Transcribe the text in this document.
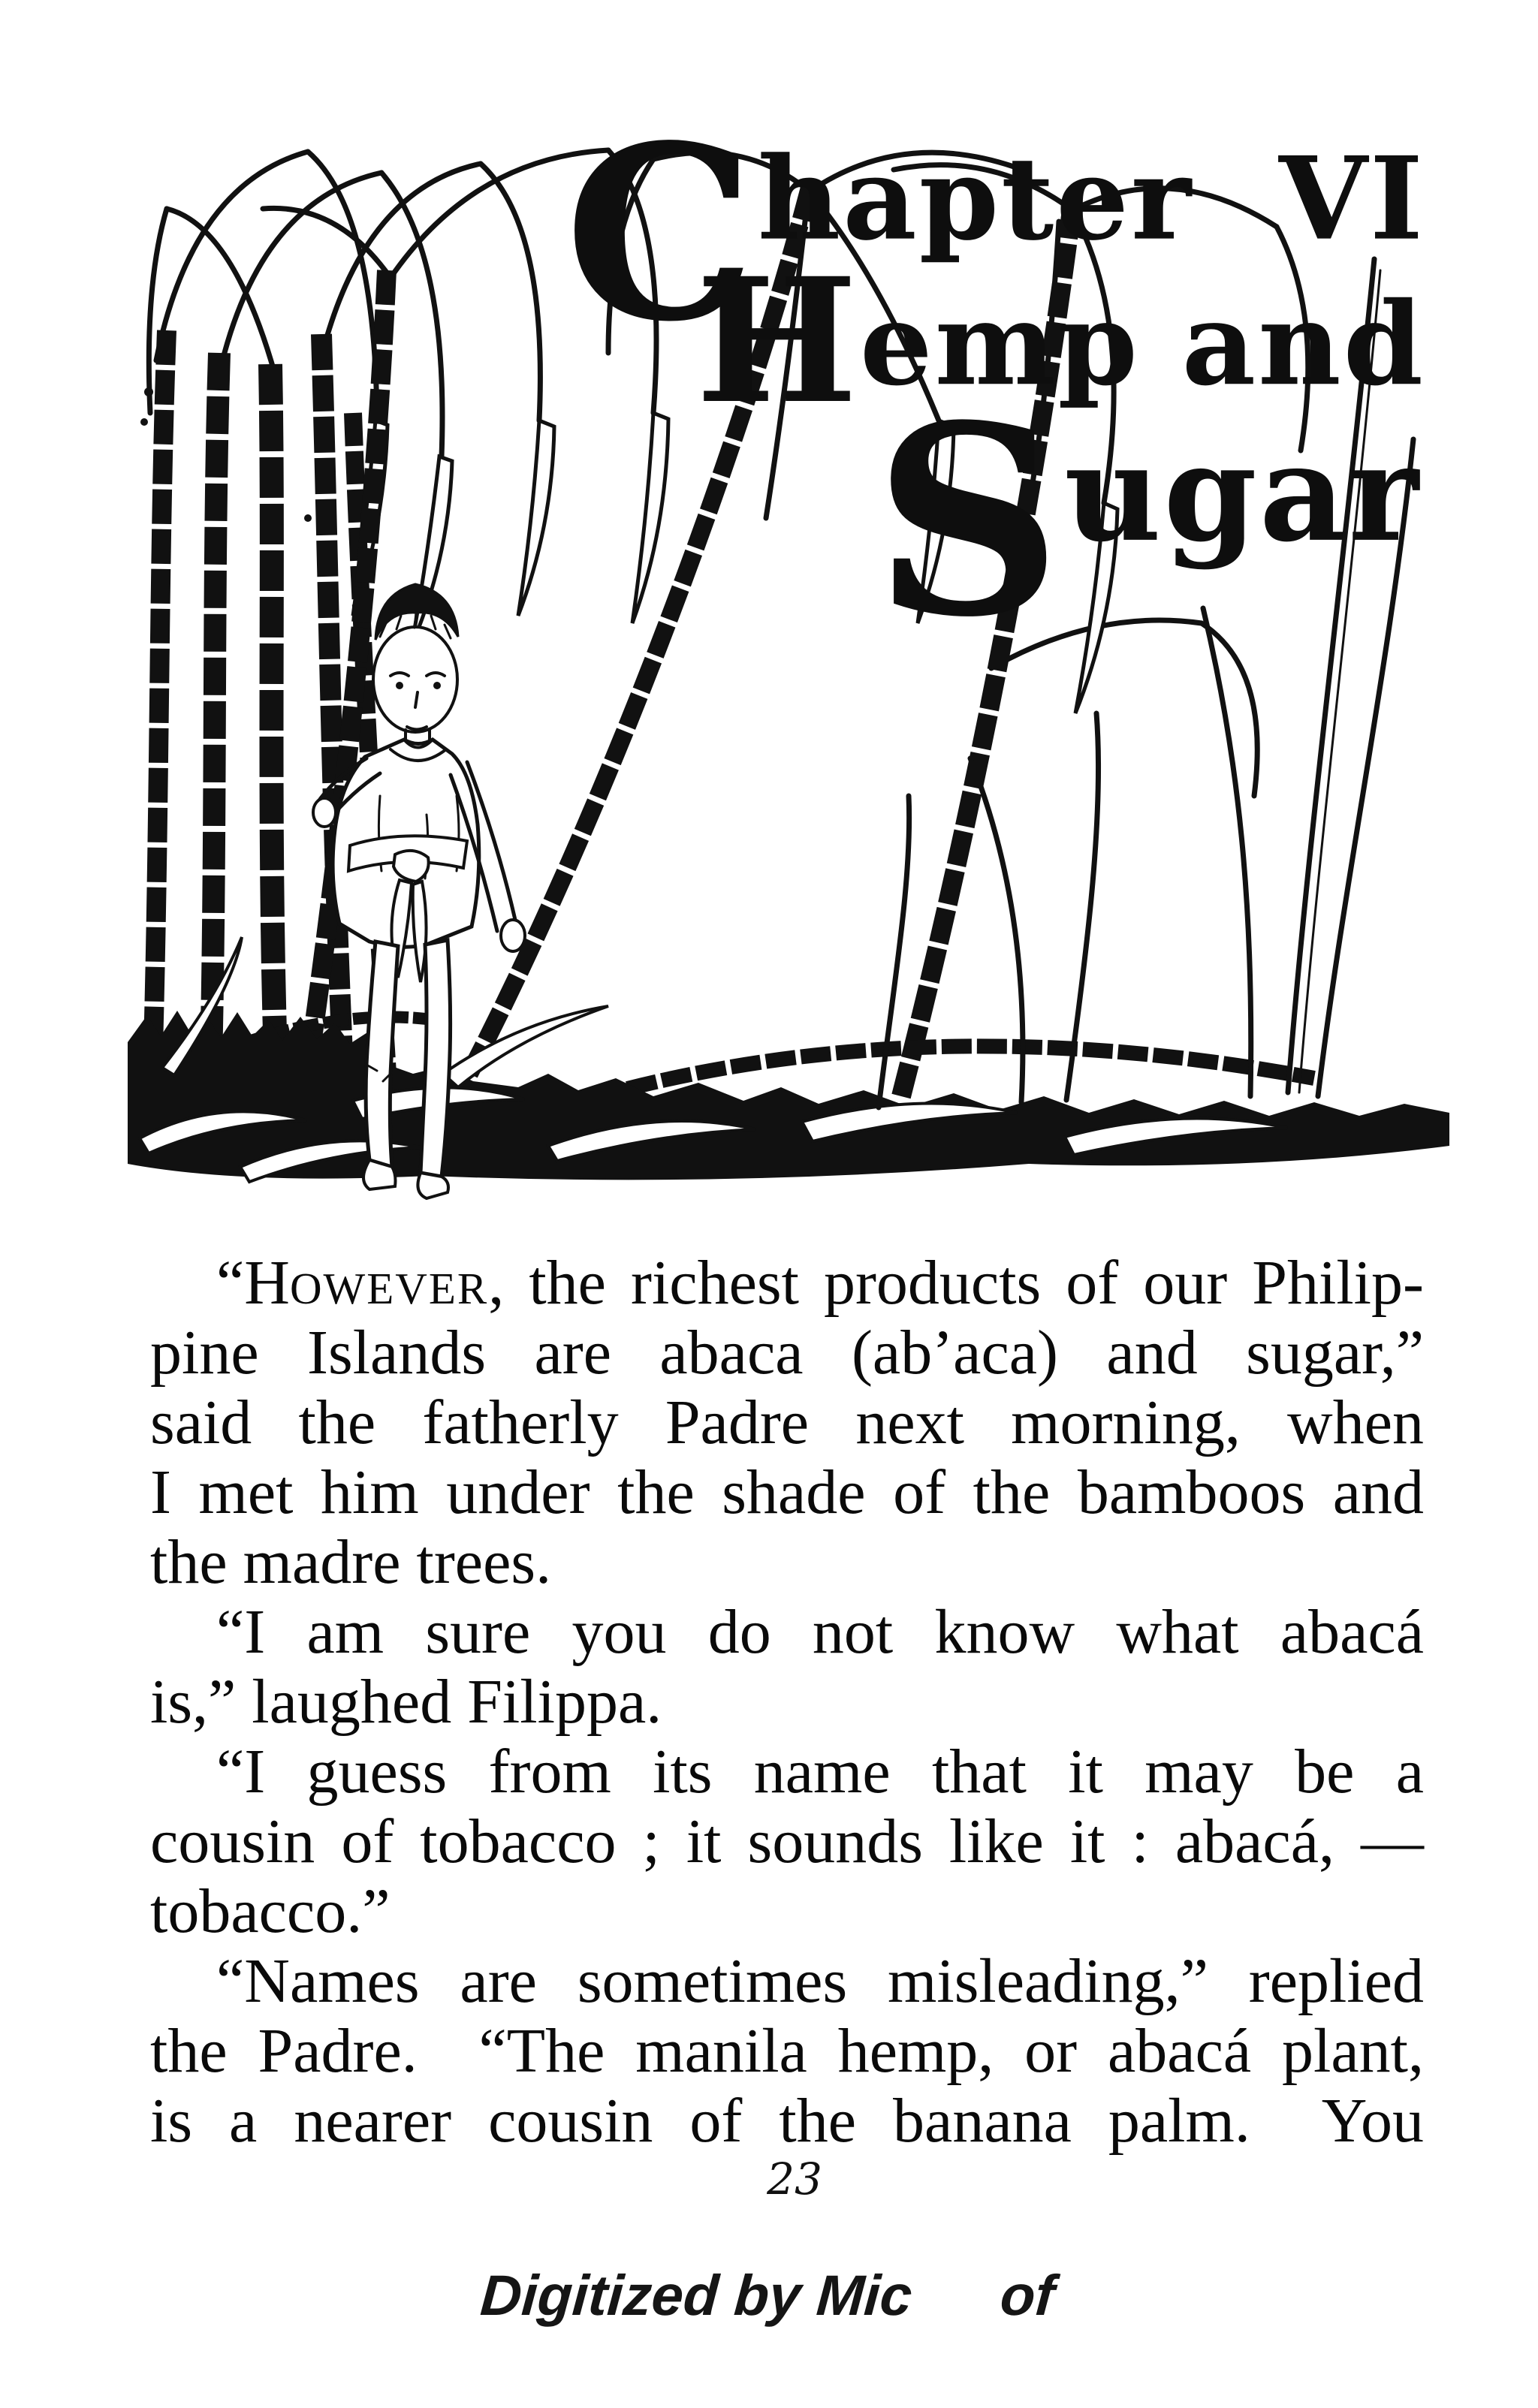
Chapter VI
Hemp and
Sugar
“However, the richest products of our Philip-
pine Islands are abaca (ab’aca) and sugar,”
said the fatherly Padre next morning, when
I met him under the shade of the bamboos and
the madre trees.
“I am sure you do not know what abacá
is,” laughed Filippa.
“I guess from its name that it may be a
cousin of tobacco ; it sounds like it : abacá, —
tobacco.”
“Names are sometimes misleading,” replied
the Padre.  “The manila hemp, or abacá plant,
is a nearer cousin of the banana palm.  You
23
Digitized by Mic of
